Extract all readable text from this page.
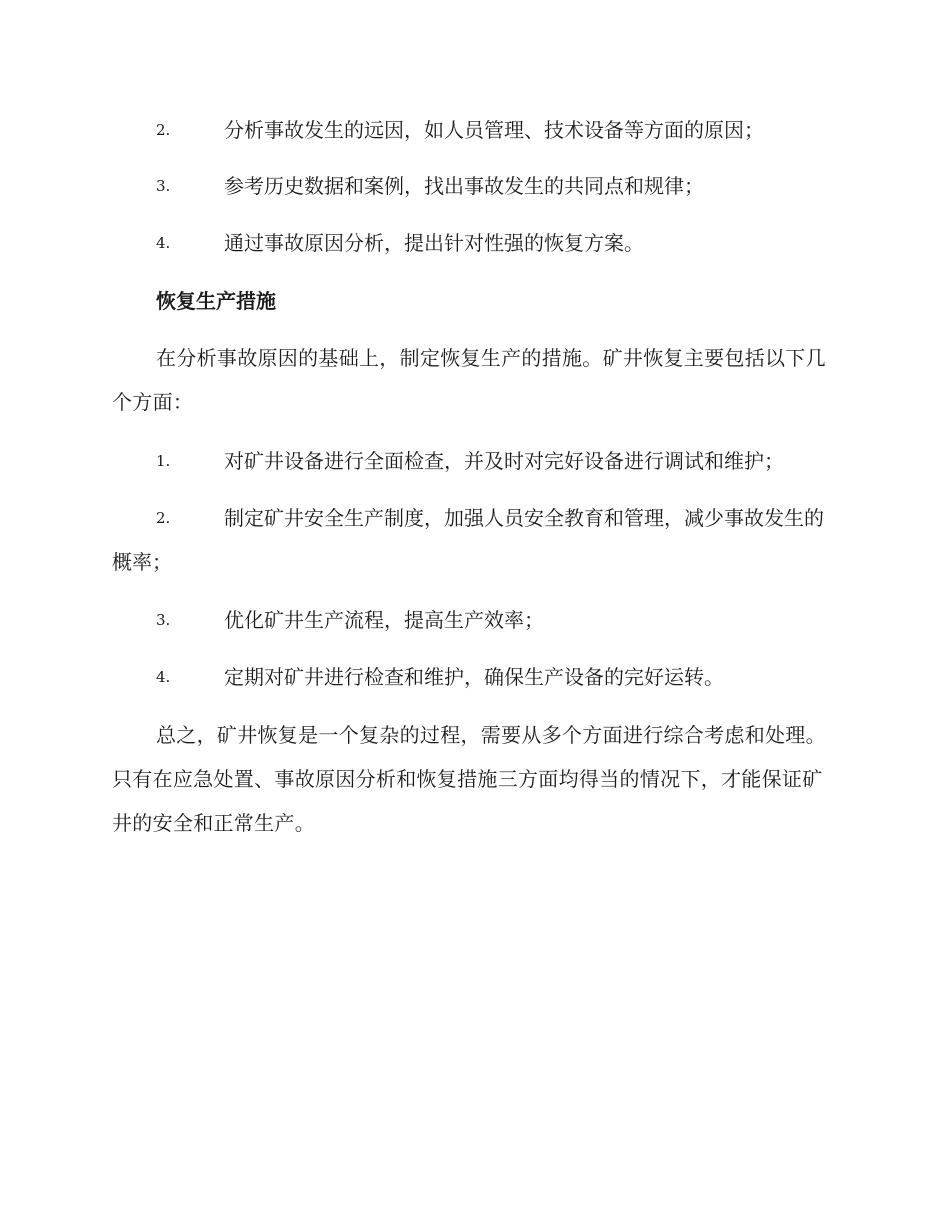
2.	分析事故发生的远因，如人员管理、技术设备等方面的原因；
3.	参考历史数据和案例，找出事故发生的共同点和规律；
4.	通过事故原因分析，提出针对性强的恢复方案。
恢复生产措施
在分析事故原因的基础上，制定恢复生产的措施。矿井恢复主要包括以下几个方面：
1.	对矿井设备进行全面检查，并及时对完好设备进行调试和维护；
2.	制定矿井安全生产制度，加强人员安全教育和管理，减少事故发生的概率；
3.	优化矿井生产流程，提高生产效率；
4.	定期对矿井进行检查和维护，确保生产设备的完好运转。
总之，矿井恢复是一个复杂的过程，需要从多个方面进行综合考虑和处理。只有在应急处置、事故原因分析和恢复措施三方面均得当的情况下，才能保证矿井的安全和正常生产。
